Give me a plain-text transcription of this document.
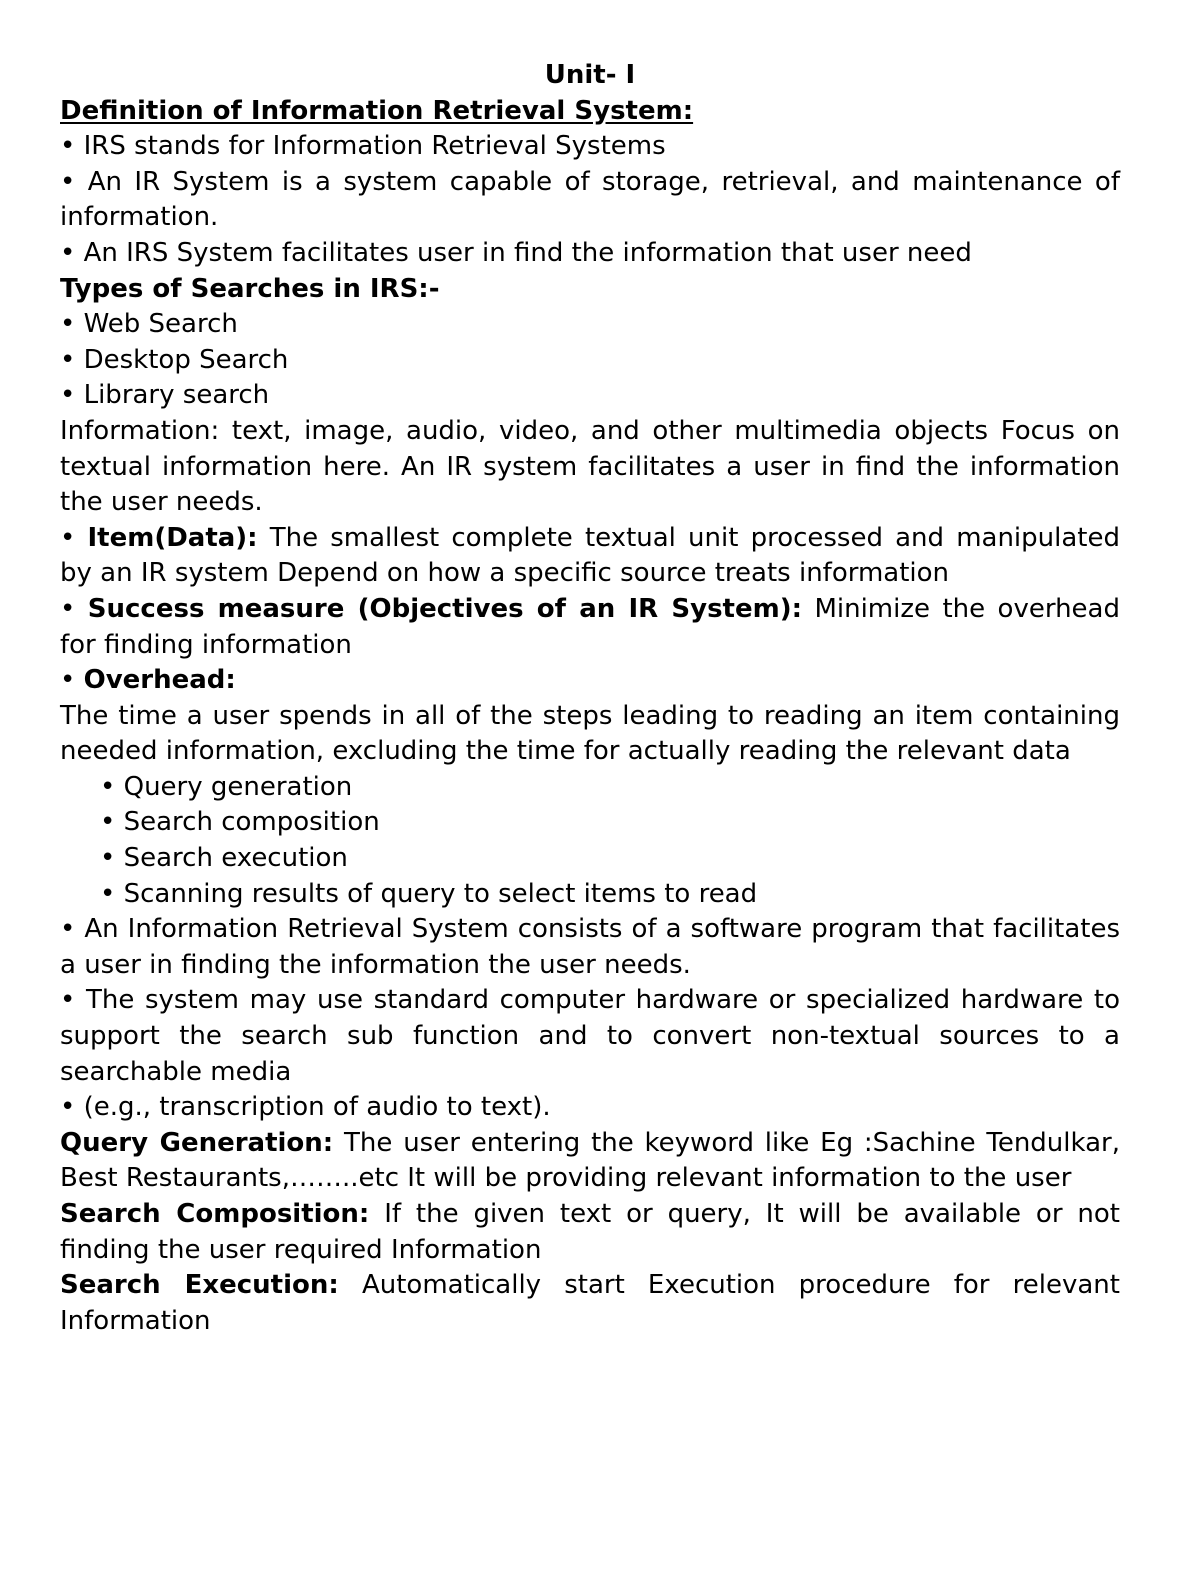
Unit- I

Definition of Information Retrieval System:

• IRS stands for Information Retrieval Systems

• An IR System is a system capable of storage, retrieval, and maintenance of information.

• An IRS System facilitates user in find the information that user need

Types of Searches in IRS:-

• Web Search

• Desktop Search

• Library search

Information: text, image, audio, video, and other multimedia objects Focus on textual information here. An IR system facilitates a user in find the information the user needs.

• Item(Data): The smallest complete textual unit processed and manipulated by an IR system Depend on how a specific source treats information

• Success measure (Objectives of an IR System): Minimize the overhead for finding information

• Overhead:

The time a user spends in all of the steps leading to reading an item containing needed information, excluding the time for actually reading the relevant data

• Query generation

• Search composition

• Search execution

• Scanning results of query to select items to read

• An Information Retrieval System consists of a software program that facilitates a user in finding the information the user needs.

• The system may use standard computer hardware or specialized hardware to support the search sub function and to convert non-textual sources to a searchable media

• (e.g., transcription of audio to text).

Query Generation: The user entering the keyword like Eg :Sachine Tendulkar, Best Restaurants,……..etc It will be providing relevant information to the user

Search Composition: If the given text or query, It will be available or not finding the user required Information

Search Execution: Automatically start Execution procedure for relevant Information
